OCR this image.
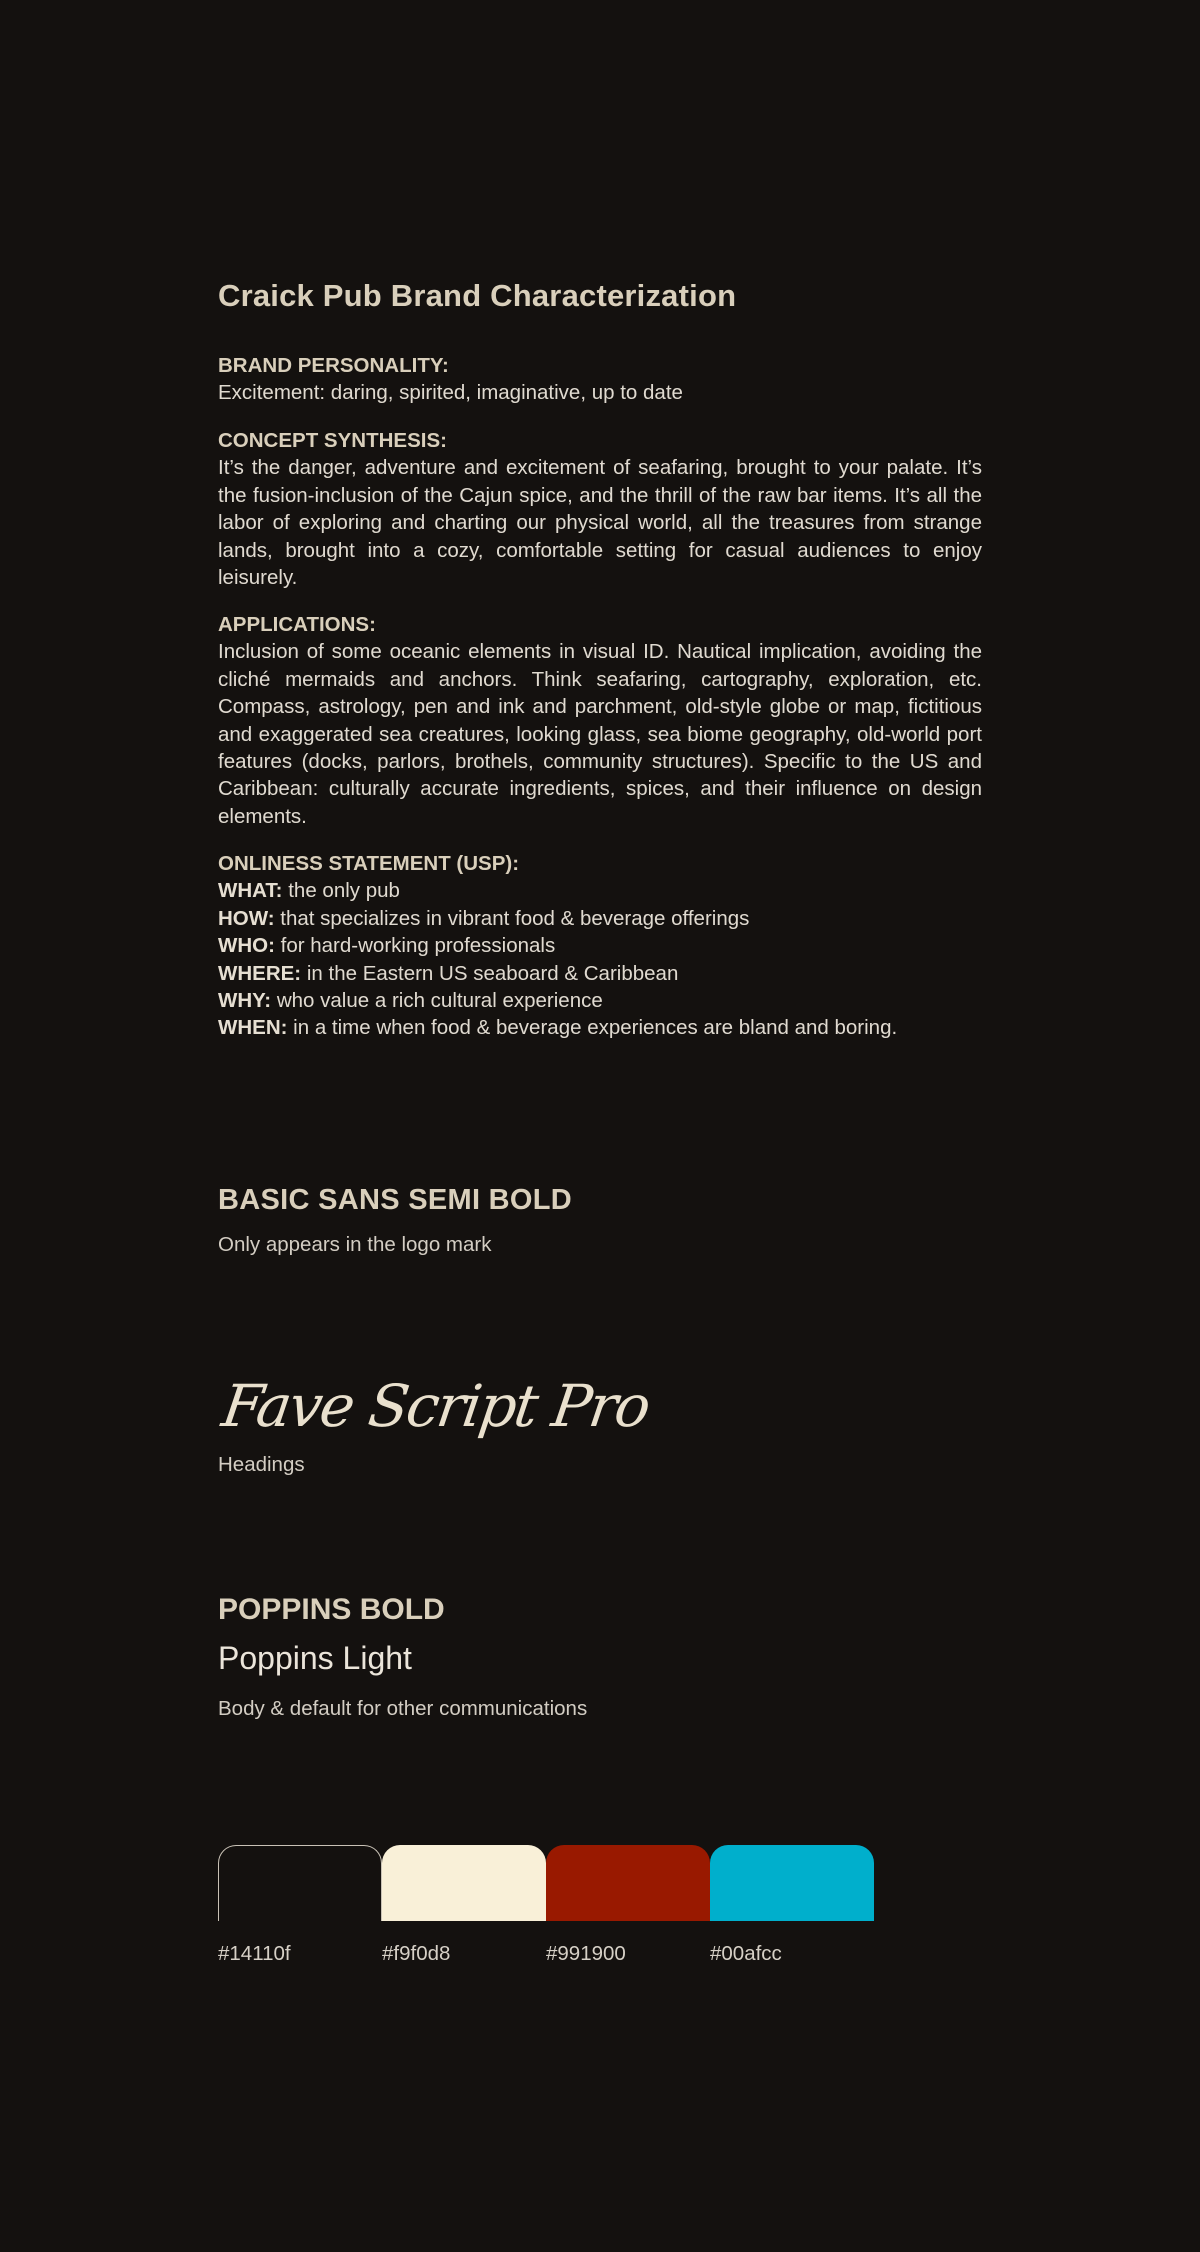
Craick Pub Brand Characterization
BRAND PERSONALITY:
Excitement: daring, spirited, imaginative, up to date
CONCEPT SYNTHESIS:
It’s the danger, adventure and excitement of seafaring, brought to your palate. It’s the fusion-inclusion of the Cajun spice, and the thrill of the raw bar items. It’s all the labor of exploring and charting our physical world, all the treasures from strange lands, brought into a cozy, comfortable setting for casual audiences to enjoy leisurely.
APPLICATIONS:
Inclusion of some oceanic elements in visual ID. Nautical implication, avoiding the cliché mermaids and anchors. Think seafaring, cartography, exploration, etc. Compass, astrology, pen and ink and parchment, old-style globe or map, fictitious and exaggerated sea creatures, looking glass, sea biome geography, old-world port features (docks, parlors, brothels, community structures). Specific to the US and Caribbean: culturally accurate ingredients, spices, and their influence on design elements.
ONLINESS STATEMENT (USP):
WHAT: the only pub
HOW: that specializes in vibrant food & beverage offerings
WHO: for hard-working professionals
WHERE: in the Eastern US seaboard & Caribbean
WHY: who value a rich cultural experience
WHEN: in a time when food & beverage experiences are bland and boring.
BASIC SANS SEMI BOLD
Only appears in the logo mark
Fave Script Pro
Headings
POPPINS BOLD
Poppins Light
Body & default for other communications
#14110f	#f9f0d8	#991900	#00afcc
